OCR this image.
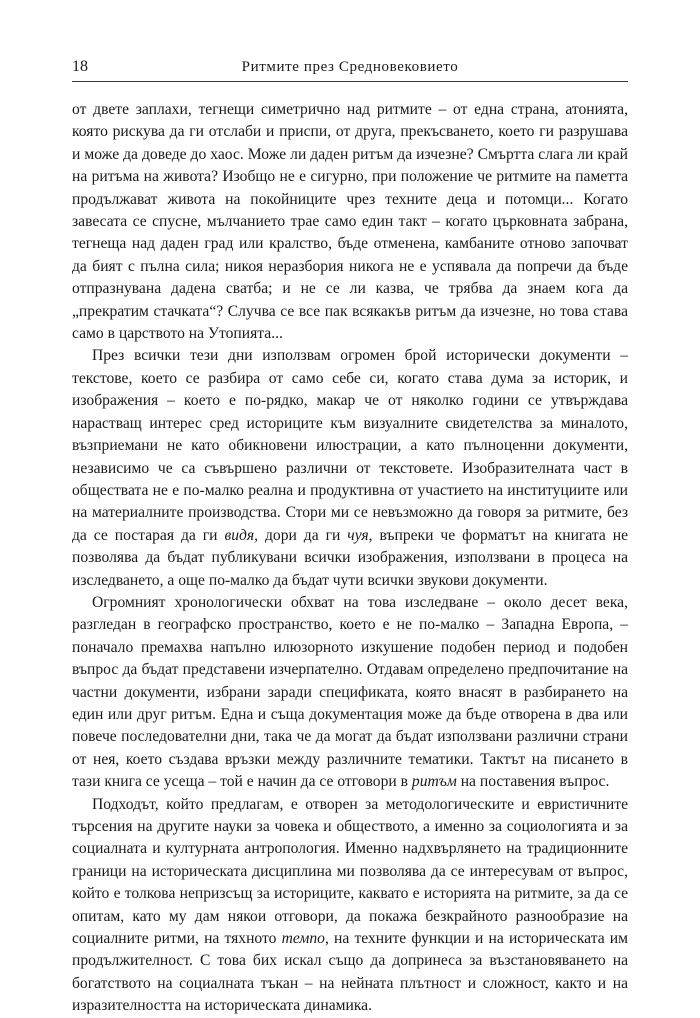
18	Ритмите през Средновековието

от двете заплахи, тегнещи симетрично над ритмите – от една страна, атонията, която рискува да ги отслаби и приспи, от друга, прекъсването, което ги разрушава и може да доведе до хаос. Може ли даден ритъм да изчезне? Смъртта слага ли край на ритъма на живота? Изобщо не е сигурно, при положение че ритмите на паметта продължават живота на покойниците чрез техните деца и потомци... Когато завесата се спусне, мълчанието трае само един такт – когато църковната забрана, тегнеща над даден град или кралство, бъде отменена, камбаните отново започват да бият с пълна сила; никоя неразбория никога не е успявала да попречи да бъде отпразнувана дадена сватба; и не се ли казва, че трябва да знаем кога да „прекратим стачката“? Случва се все пак всякакъв ритъм да изчезне, но това става само в царството на Утопията...

През всички тези дни използвам огромен брой исторически документи – текстове, което се разбира от само себе си, когато става дума за историк, и изображения – което е по-рядко, макар че от няколко години се утвърждава нарастващ интерес сред историците към визуалните свидетелства за миналото, възприемани не като обикновени илюстрации, а като пълноценни документи, независимо че са съвършено различни от текстовете. Изобразителната част в обществата не е по-малко реална и продуктивна от участието на институциите или на материалните производства. Стори ми се невъзможно да говоря за ритмите, без да се постарая да ги видя, дори да ги чуя, въпреки че форматът на книгата не позволява да бъдат публикувани всички изображения, използвани в процеса на изследването, а още по-малко да бъдат чути всички звукови документи.

Огромният хронологически обхват на това изследване – около десет века, разгледан в географско пространство, което е не по-малко – Западна Европа, – поначало премахва напълно илюзорното изкушение подобен период и подобен въпрос да бъдат представени изчерпателно. Отдавам определено предпочитание на частни документи, избрани заради спецификата, която внасят в разбирането на един или друг ритъм. Една и съща документация може да бъде отворена в два или повече последователни дни, така че да могат да бъдат използвани различни страни от нея, което създава връзки между различните тематики. Тактът на писането в тази книга се усеща – той е начин да се отговори в ритъм на поставения въпрос.

Подходът, който предлагам, е отворен за методологическите и евристичните търсения на другите науки за човека и обществото, а именно за социологията и за социалната и културната антропология. Именно надхвърлянето на традиционните граници на историческата дисциплина ми позволява да се интересувам от въпрос, който е толкова непризсъщ за историците, каквато е историята на ритмите, за да се опитам, като му дам някои отговори, да покажа безкрайното разнообразие на социалните ритми, на тяхното темпо, на техните функции и на историческата им продължителност. С това бих искал също да допринеса за възстановяването на богатството на социалната тъкан – на нейната плътност и сложност, както и на изразителността на историческата динамика.
